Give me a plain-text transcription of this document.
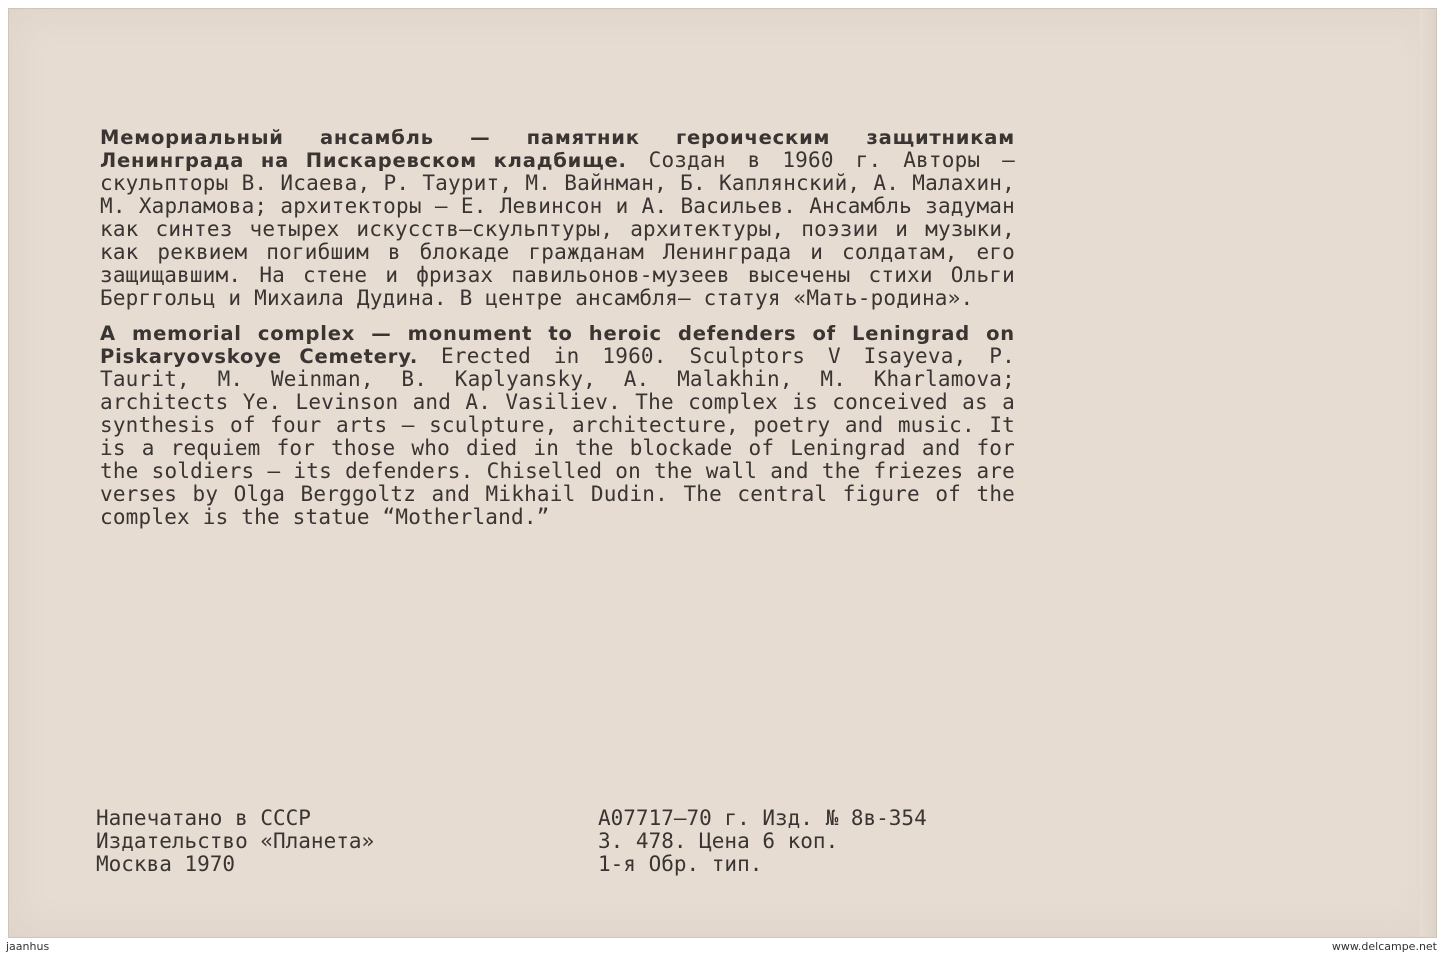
Мемориальный ансамбль — памятник героическим защитникам Ленинграда на Пискаревском кладбище. Создан в 1960 г. Авторы — скульпторы В. Исаева, Р. Таурит, М. Вайнман, Б. Каплянский, А. Малахин, М. Харламова; архитекторы — Е. Левинсон и А. Васильев. Ансамбль задуман как синтез четырех искусств—скульптуры, архитектуры, поэзии и музыки, как реквием погибшим в блокаде гражданам Ленинграда и солдатам, его защищавшим. На стене и фризах павильонов-музеев высечены стихи Ольги Берггольц и Михаила Дудина. В центре ансамбля— статуя «Мать-родина».

A memorial complex — monument to heroic defenders of Leningrad on Piskaryovskoye Cemetery. Erected in 1960. Sculptors V Isayeva, P. Taurit, M. Weinman, B. Kaplyansky, A. Malakhin, M. Kharlamova; architects Ye. Levinson and A. Vasiliev. The complex is conceived as a synthesis of four arts — sculpture, architecture, poetry and music. It is a requiem for those who died in the blockade of Leningrad and for the soldiers — its defenders. Chiselled on the wall and the friezes are verses by Olga Berggoltz and Mikhail Dudin. The central figure of the complex is the statue “Motherland.”

Напечатано в СССР
Издательство «Планета»
Москва 1970
А07717—70 г. Изд. № 8в-354
З. 478. Цена 6 коп.
1-я Обр. тип.
jaanhus	www.delcampe.net
